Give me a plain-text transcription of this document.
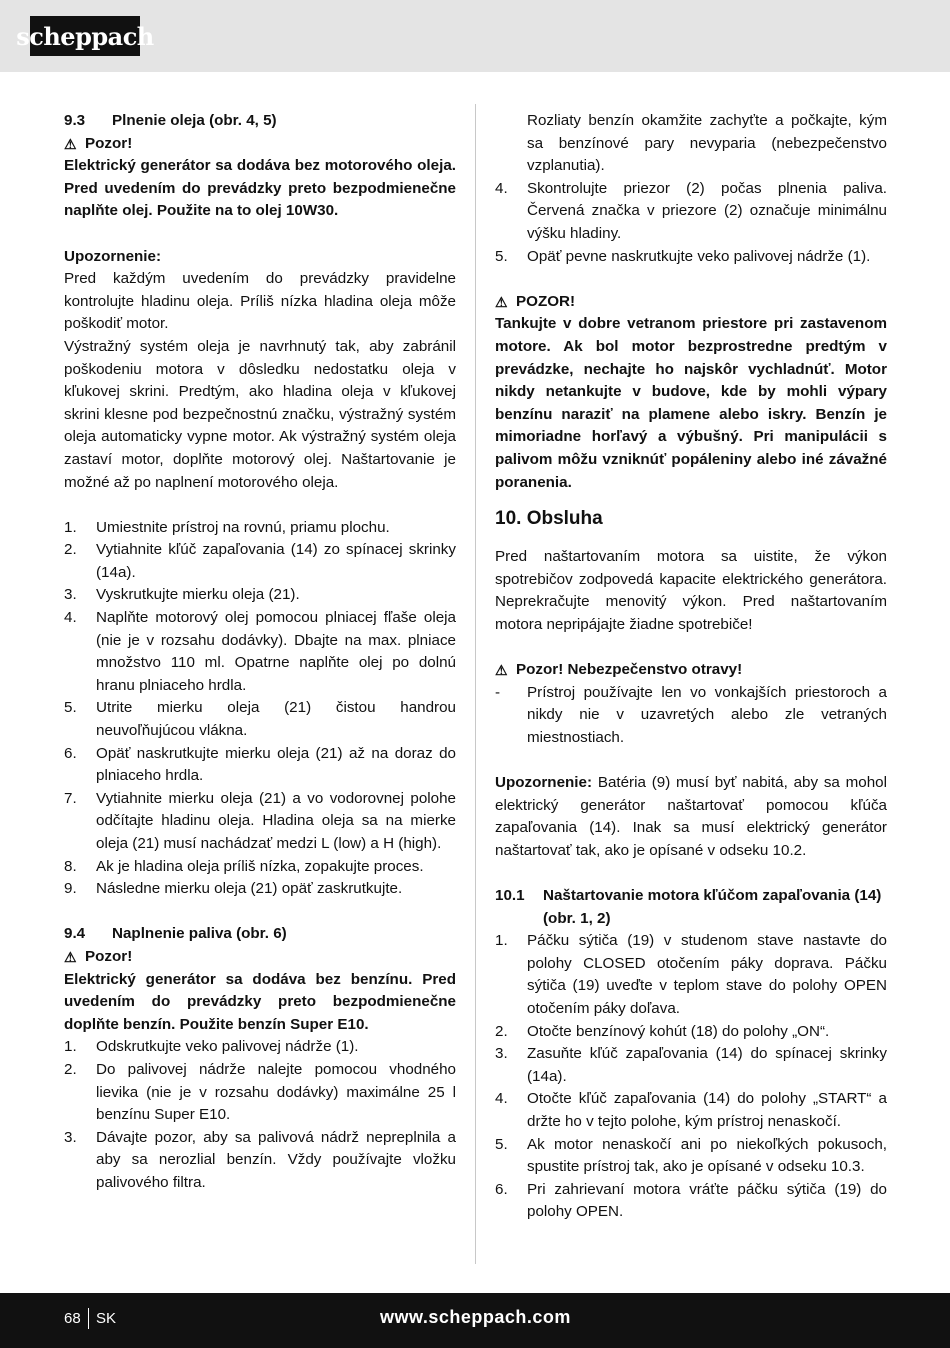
scheppach
9.3	Plnenie oleja (obr. 4, 5)
⚠ Pozor!

Elektrický generátor sa dodáva bez motorového oleja. Pred uvedením do prevádzky preto bezpodmienečne naplňte olej. Použite na to olej 10W30.

Upozornenie:

Pred každým uvedením do prevádzky pravidelne kontrolujte hladinu oleja. Príliš nízka hladina oleja môže poškodiť motor.

Výstražný systém oleja je navrhnutý tak, aby zabránil poškodeniu motora v dôsledku nedostatku oleja v kľukovej skrini. Predtým, ako hladina oleja v kľukovej skrini klesne pod bezpečnostnú značku, výstražný systém oleja automaticky vypne motor. Ak výstražný systém oleja zastaví motor, doplňte motorový olej. Naštartovanie je možné až po naplnení motorového oleja.

1.	Umiestnite prístroj na rovnú, priamu plochu.
2.	Vytiahnite kľúč zapaľovania (14) zo spínacej skrinky (14a).
3.	Vyskrutkujte mierku oleja (21).
4.	Naplňte motorový olej pomocou plniacej fľaše oleja (nie je v rozsahu dodávky). Dbajte na max. plniace množstvo 110 ml. Opatrne naplňte olej po dolnú hranu plniaceho hrdla.
5.	Utrite mierku oleja (21) čistou handrou neuvoľňujúcou vlákna.
6.	Opäť naskrutkujte mierku oleja (21) až na doraz do plniaceho hrdla.
7.	Vytiahnite mierku oleja (21) a vo vodorovnej polohe odčítajte hladinu oleja. Hladina oleja sa na mierke oleja (21) musí nachádzať medzi L (low) a H (high).
8.	Ak je hladina oleja príliš nízka, zopakujte proces.
9.	Následne mierku oleja (21) opäť zaskrutkujte.
9.4	Naplnenie paliva (obr. 6)
⚠ Pozor!

Elektrický generátor sa dodáva bez benzínu. Pred uvedením do prevádzky preto bezpodmienečne doplňte benzín. Použite benzín Super E10.

1.	Odskrutkujte veko palivovej nádrže (1).
2.	Do palivovej nádrže nalejte pomocou vhodného lievika (nie je v rozsahu dodávky) maximálne 25 l benzínu Super E10.
3.	Dávajte pozor, aby sa palivová nádrž nepreplnila a aby sa nerozlial benzín. Vždy používajte vložku palivového filtra.

Rozliaty benzín okamžite zachyťte a počkajte, kým sa benzínové pary nevyparia (nebezpečenstvo vzplanutia).

4.	Skontrolujte priezor (2) počas plnenia paliva. Červená značka v priezore (2) označuje minimálnu výšku hladiny.
5.	Opäť pevne naskrutkujte veko palivovej nádrže (1).
⚠ POZOR!

Tankujte v dobre vetranom priestore pri zastavenom motore. Ak bol motor bezprostredne predtým v prevádzke, nechajte ho najskôr vychladnúť. Motor nikdy netankujte v budove, kde by mohli výpary benzínu naraziť na plamene alebo iskry. Benzín je mimoriadne horľavý a výbušný. Pri manipulácii s palivom môžu vzniknúť popáleniny alebo iné závažné poranenia.

10. Obsluha

Pred naštartovaním motora sa uistite, že výkon spotrebičov zodpovedá kapacite elektrického generátora. Neprekračujte menovitý výkon. Pred naštartovaním motora nepripájajte žiadne spotrebiče!

⚠ Pozor! Nebezpečenstvo otravy!
-	Prístroj používajte len vo vonkajších priestoroch a nikdy nie v uzavretých alebo zle vetraných miestnostiach.

Upozornenie: Batéria (9) musí byť nabitá, aby sa mohol elektrický generátor naštartovať pomocou kľúča zapaľovania (14). Inak sa musí elektrický generátor naštartovať tak, ako je opísané v odseku 10.2.

10.1	Naštartovanie motora kľúčom zapaľovania (14) (obr. 1, 2)
1.	Páčku sýtiča (19) v studenom stave nastavte do polohy CLOSED otočením páky doprava. Páčku sýtiča (19) uveďte v teplom stave do polohy OPEN otočením páky doľava.
2.	Otočte benzínový kohút (18) do polohy „ON“.
3.	Zasuňte kľúč zapaľovania (14) do spínacej skrinky (14a).
4.	Otočte kľúč zapaľovania (14) do polohy „START“ a držte ho v tejto polohe, kým prístroj nenaskočí.
5.	Ak motor nenaskočí ani po niekoľkých pokusoch, spustite prístroj tak, ako je opísané v odseku 10.3.
6.	Pri zahrievaní motora vráťte páčku sýtiča (19) do polohy OPEN.
68 SK	www.scheppach.com
